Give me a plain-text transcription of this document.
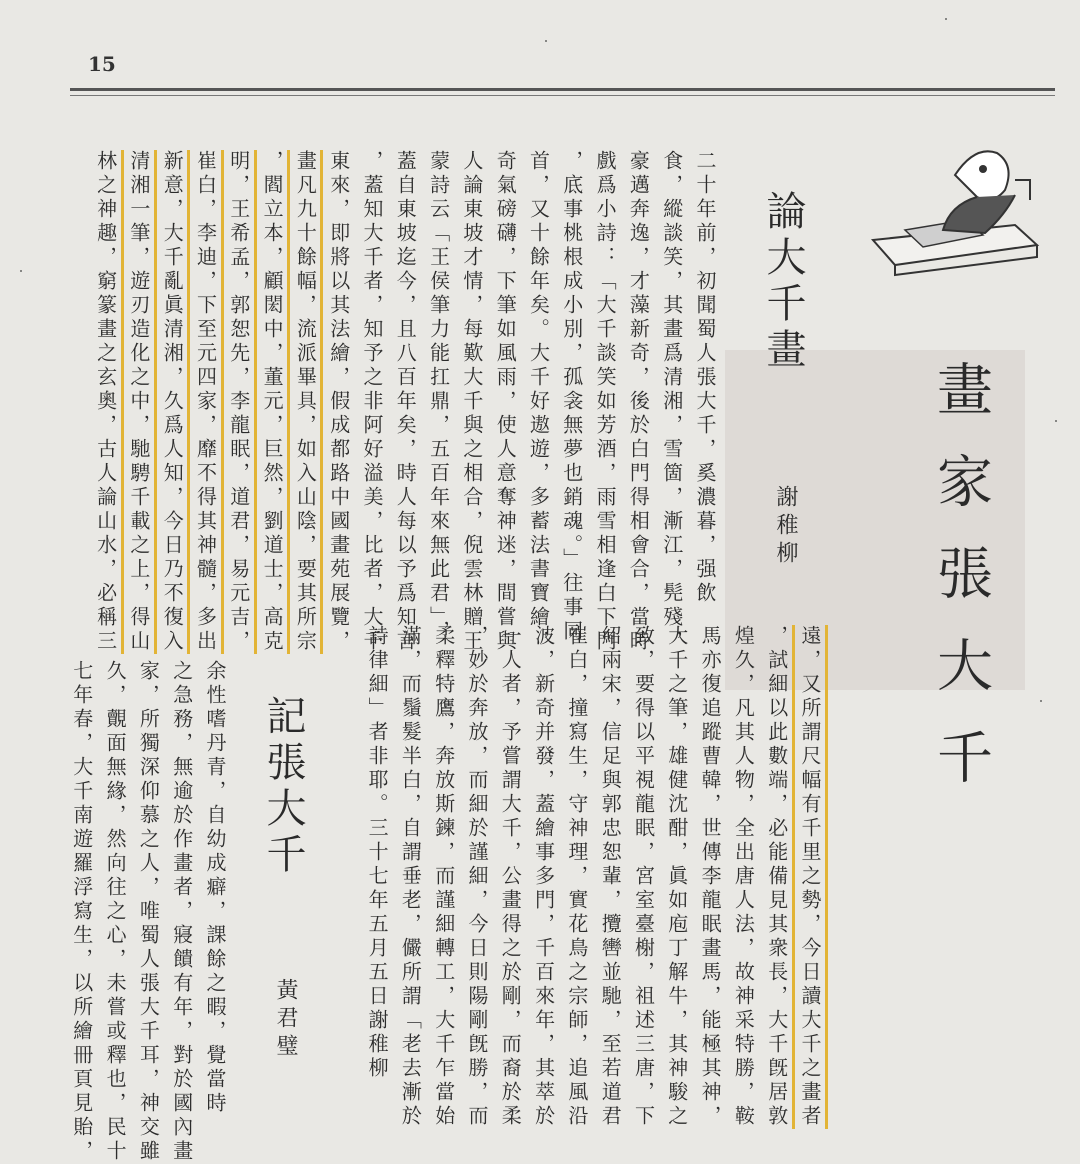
15
畫家張大千
論大千畫
謝稚柳
二十年前，初聞蜀人張大千，奚濃暮，强飲
食，縱談笑，其畫爲清湘，雪箇，漸江，髡殘，
豪邁奔逸，才藻新奇，後於白門得相會合，當時
戲爲小詩：「大千談笑如芳酒，雨雪相逢白下門
，底事桃根成小別，孤衾無夢也銷魂。」往事同
首，又十餘年矣。大千好遨遊，多蓄法書寶繪，
奇氣磅礴，下筆如風雨，使人意奪神迷，間嘗與
人論東坡才情，每歎大千與之相合，倪雲林贈王
蒙詩云「王侯筆力能扛鼎，五百年來無此君」，
蓋自東坡迄今，且八百年矣，時人每以予爲知言
，蓋知大千者，知予之非阿好溢美，比者，大千
東來，即將以其法繪，假成都路中國畫苑展覽，
畫凡九十餘幅，流派畢具，如入山陰，要其所宗
，閻立本，顧閎中，董元，巨然，劉道士，高克
明，王希孟，郭恕先，李龍眠，道君，易元吉，
崔白，李迪，下至元四家，靡不得其神髓，多出
新意，大千亂眞清湘，久爲人知，今日乃不復入
清湘一筆，遊刃造化之中，馳騁千載之上，得山
林之神趣，窮篆畫之玄奧，古人論山水，必稱三
遠，又所謂尺幅有千里之勢，今日讀大千之畫者
，試細以此數端，必能備見其衆長，大千旣居敦
煌久，凡其人物，全出唐人法，故神采特勝，鞍
馬亦復追蹤曹韓，世傳李龍眠畫馬，能極其神，
大千之筆，雄健沈酣，眞如庖丁解牛，其神駿之
致，要得以平視龍眠，宮室臺榭，祖述三唐，下
紹兩宋，信足與郭忠恕輩，攬轡並馳，至若道君
崔白，撞寫生，守神理，實花鳥之宗師，追風沿
波，新奇并發，蓋繪事多門，千百來年，其萃於
一人者，予嘗謂大千，公畫得之於剛，而裔於柔
，妙於奔放，而細於謹細，今日則陽剛旣勝，而
柔釋特鷹，奔放斯鍊，而謹細轉工，大千乍當始
滿，而鬚髮半白，自謂垂老，儼所謂「老去漸於
詩律細」者非耶。三十七年五月五日謝稚柳
記張大千
黃君璧
余性嗜丹青，自幼成癖，課餘之暇，覺當時
之急務，無逾於作畫者，寢饋有年，對於國內畫
家，所獨深仰慕之人，唯蜀人張大千耳，神交雖
久，覿面無緣，然向往之心，未嘗或釋也，民十
七年春，大千南遊羅浮寫生，以所繪冊頁見貽，
